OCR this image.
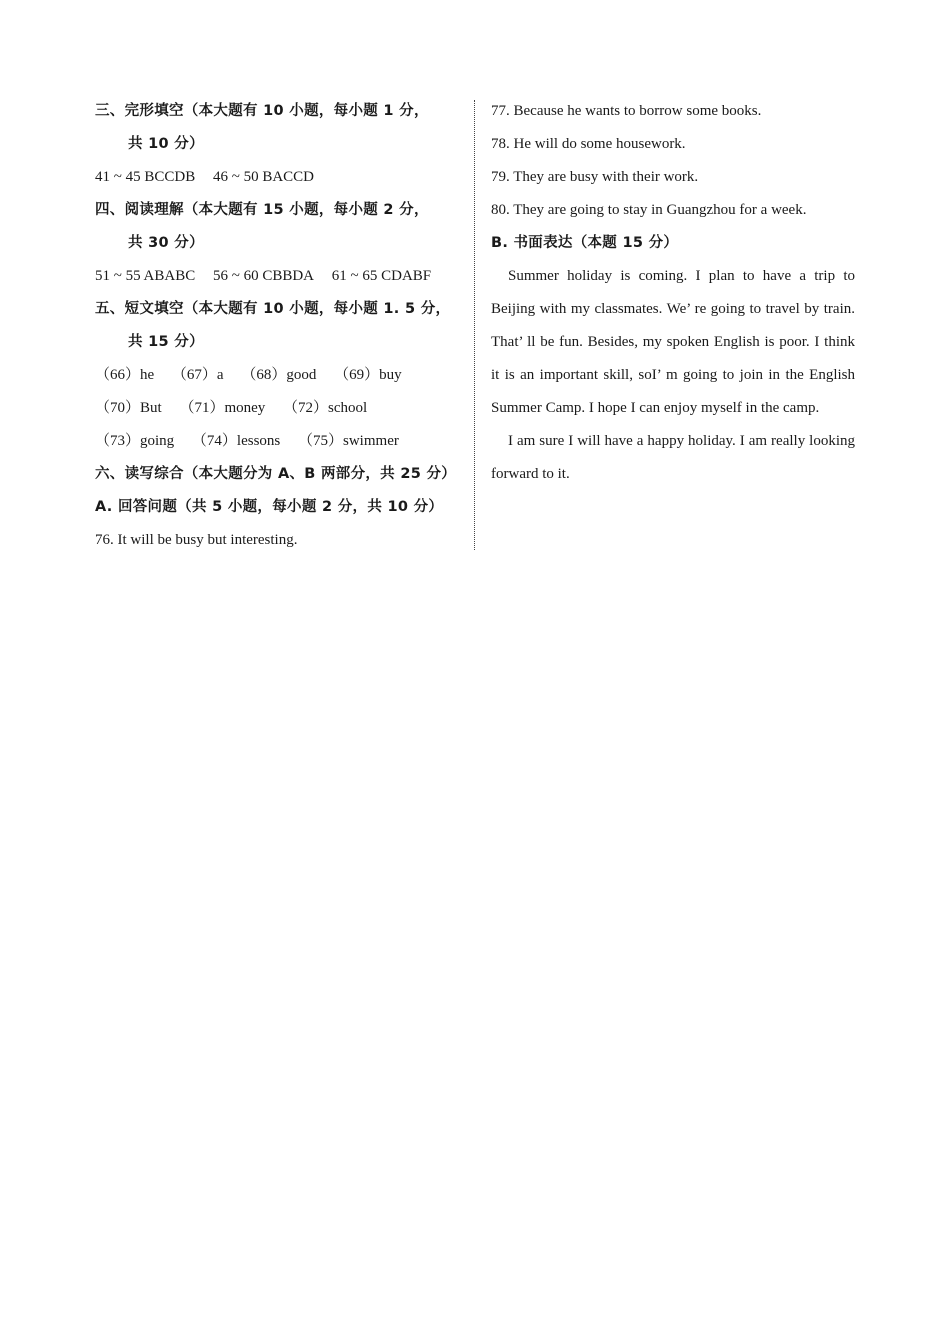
三、完形填空（本大题有 10 小题，每小题 1 分，
共 10 分）
41 ~ 45 BCCDB 46 ~ 50 BACCD
四、阅读理解（本大题有 15 小题，每小题 2 分，
共 30 分）
51 ~ 55 ABABC 56 ~ 60 CBBDA 61 ~ 65 CDABF
五、短文填空（本大题有 10 小题，每小题 1. 5 分，
共 15 分）
（66）he （67）a （68）good （69）buy
（70）But （71）money （72）school
（73）going （74）lessons （75）swimmer
六、读写综合（本大题分为 A、B 两部分，共 25 分）
A. 回答问题（共 5 小题，每小题 2 分，共 10 分）
76. It will be busy but interesting.
77. Because he wants to borrow some books.
78. He will do some housework.
79. They are busy with their work.
80. They are going to stay in Guangzhou for a week.
B. 书面表达（本题 15 分）

Summer holiday is coming. I plan to have a trip to Beijing with my classmates. We’ re going to travel by train. That’ ll be fun. Besides, my spoken English is poor. I think it is an important skill, soI’ m going to join in the English Summer Camp. I hope I can enjoy myself in the camp.

I am sure I will have a happy holiday. I am really looking forward to it.
